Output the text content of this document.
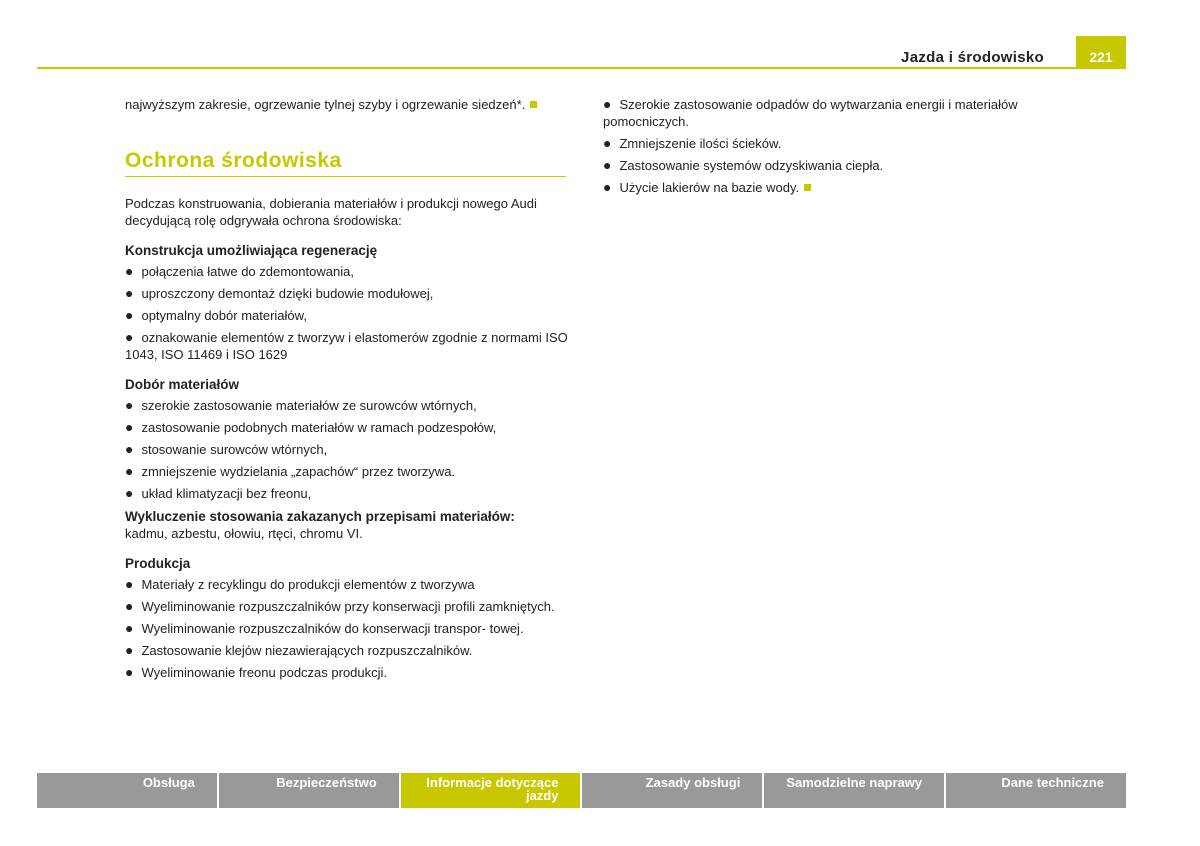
Jazda i środowisko	221

najwyższym zakresie, ogrzewanie tylnej szyby i ogrzewanie siedzeń*.

Ochrona środowiska

Podczas konstruowania, dobierania materiałów i produkcji nowego Audi decydującą rolę odgrywała ochrona środowiska:

Konstrukcja umożliwiająca regenerację
● połączenia łatwe do zdemontowania,
● uproszczony demontaż dzięki budowie modułowej,
● optymalny dobór materiałów,
● oznakowanie elementów z tworzyw i elastomerów zgodnie z normami ISO 1043, ISO 11469 i ISO 1629
Dobór materiałów
● szerokie zastosowanie materiałów ze surowców wtórnych,
● zastosowanie podobnych materiałów w ramach podzespołów,
● stosowanie surowców wtórnych,
● zmniejszenie wydzielania „zapachów“ przez tworzywa.
● układ klimatyzacji bez freonu,
Wykluczenie stosowania zakazanych przepisami materiałów:

kadmu, azbestu, ołowiu, rtęci, chromu VI.

Produkcja
● Materiały z recyklingu do produkcji elementów z tworzywa
● Wyeliminowanie rozpuszczalników przy konserwacji profili zamkniętych.
● Wyeliminowanie rozpuszczalników do konserwacji transpor- towej.
● Zastosowanie klejów niezawierających rozpuszczalników.
● Wyeliminowanie freonu podczas produkcji.
● Szerokie zastosowanie odpadów do wytwarzania energii i materiałów pomocniczych.
● Zmniejszenie ilości ścieków.
● Zastosowanie systemów odzyskiwania ciepła.
● Użycie lakierów na bazie wody.
Obsługa	Bezpieczeństwo	Informacje dotyczące jazdy
Zasady obsługi	Samodzielne naprawy	Dane techniczne
